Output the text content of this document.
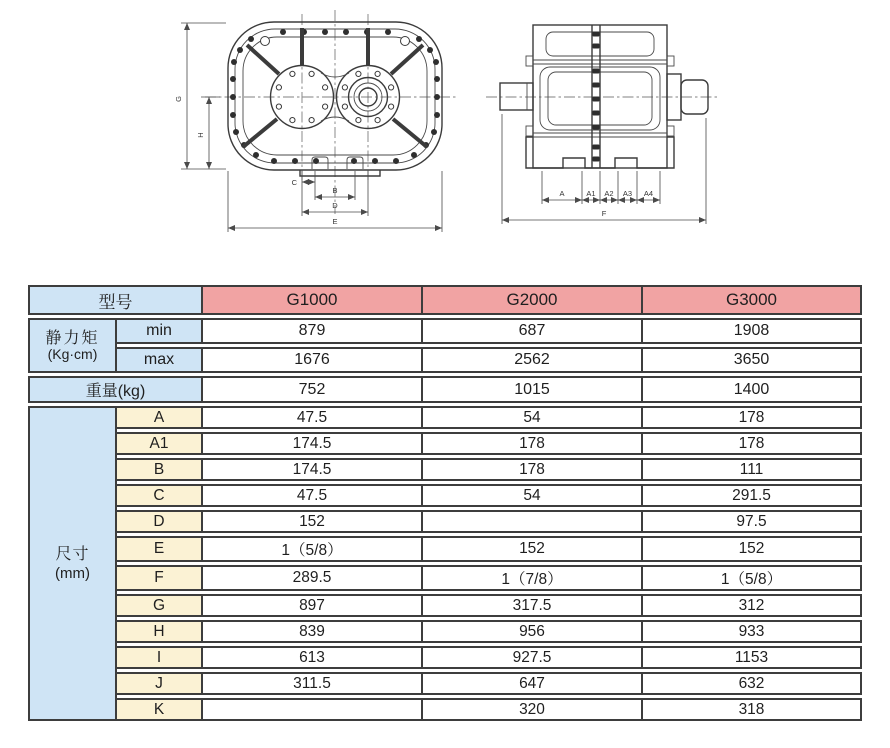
G
H
C
B
D
E
A	A1 A2 A3 A4
F
型号		G1000	G2000	G3000

静力矩
(Kg·cm)	min	879	687	1908
	max	1676	2562	3650
重量(kg)		752	1015	1400

尺寸
(mm)	A	47.5	54	178
	A1	174.5	178	178
	B	174.5	178	111
	C	47.5	54	291.5
	D	152		97.5
	E	1（5/8）	152	152
	F	289.5	1（7/8）	1（5/8）
	G	897	317.5	312
	H	839	956	933
	I	613	927.5	1153
	J	311.5	647	632
	K		320	318
